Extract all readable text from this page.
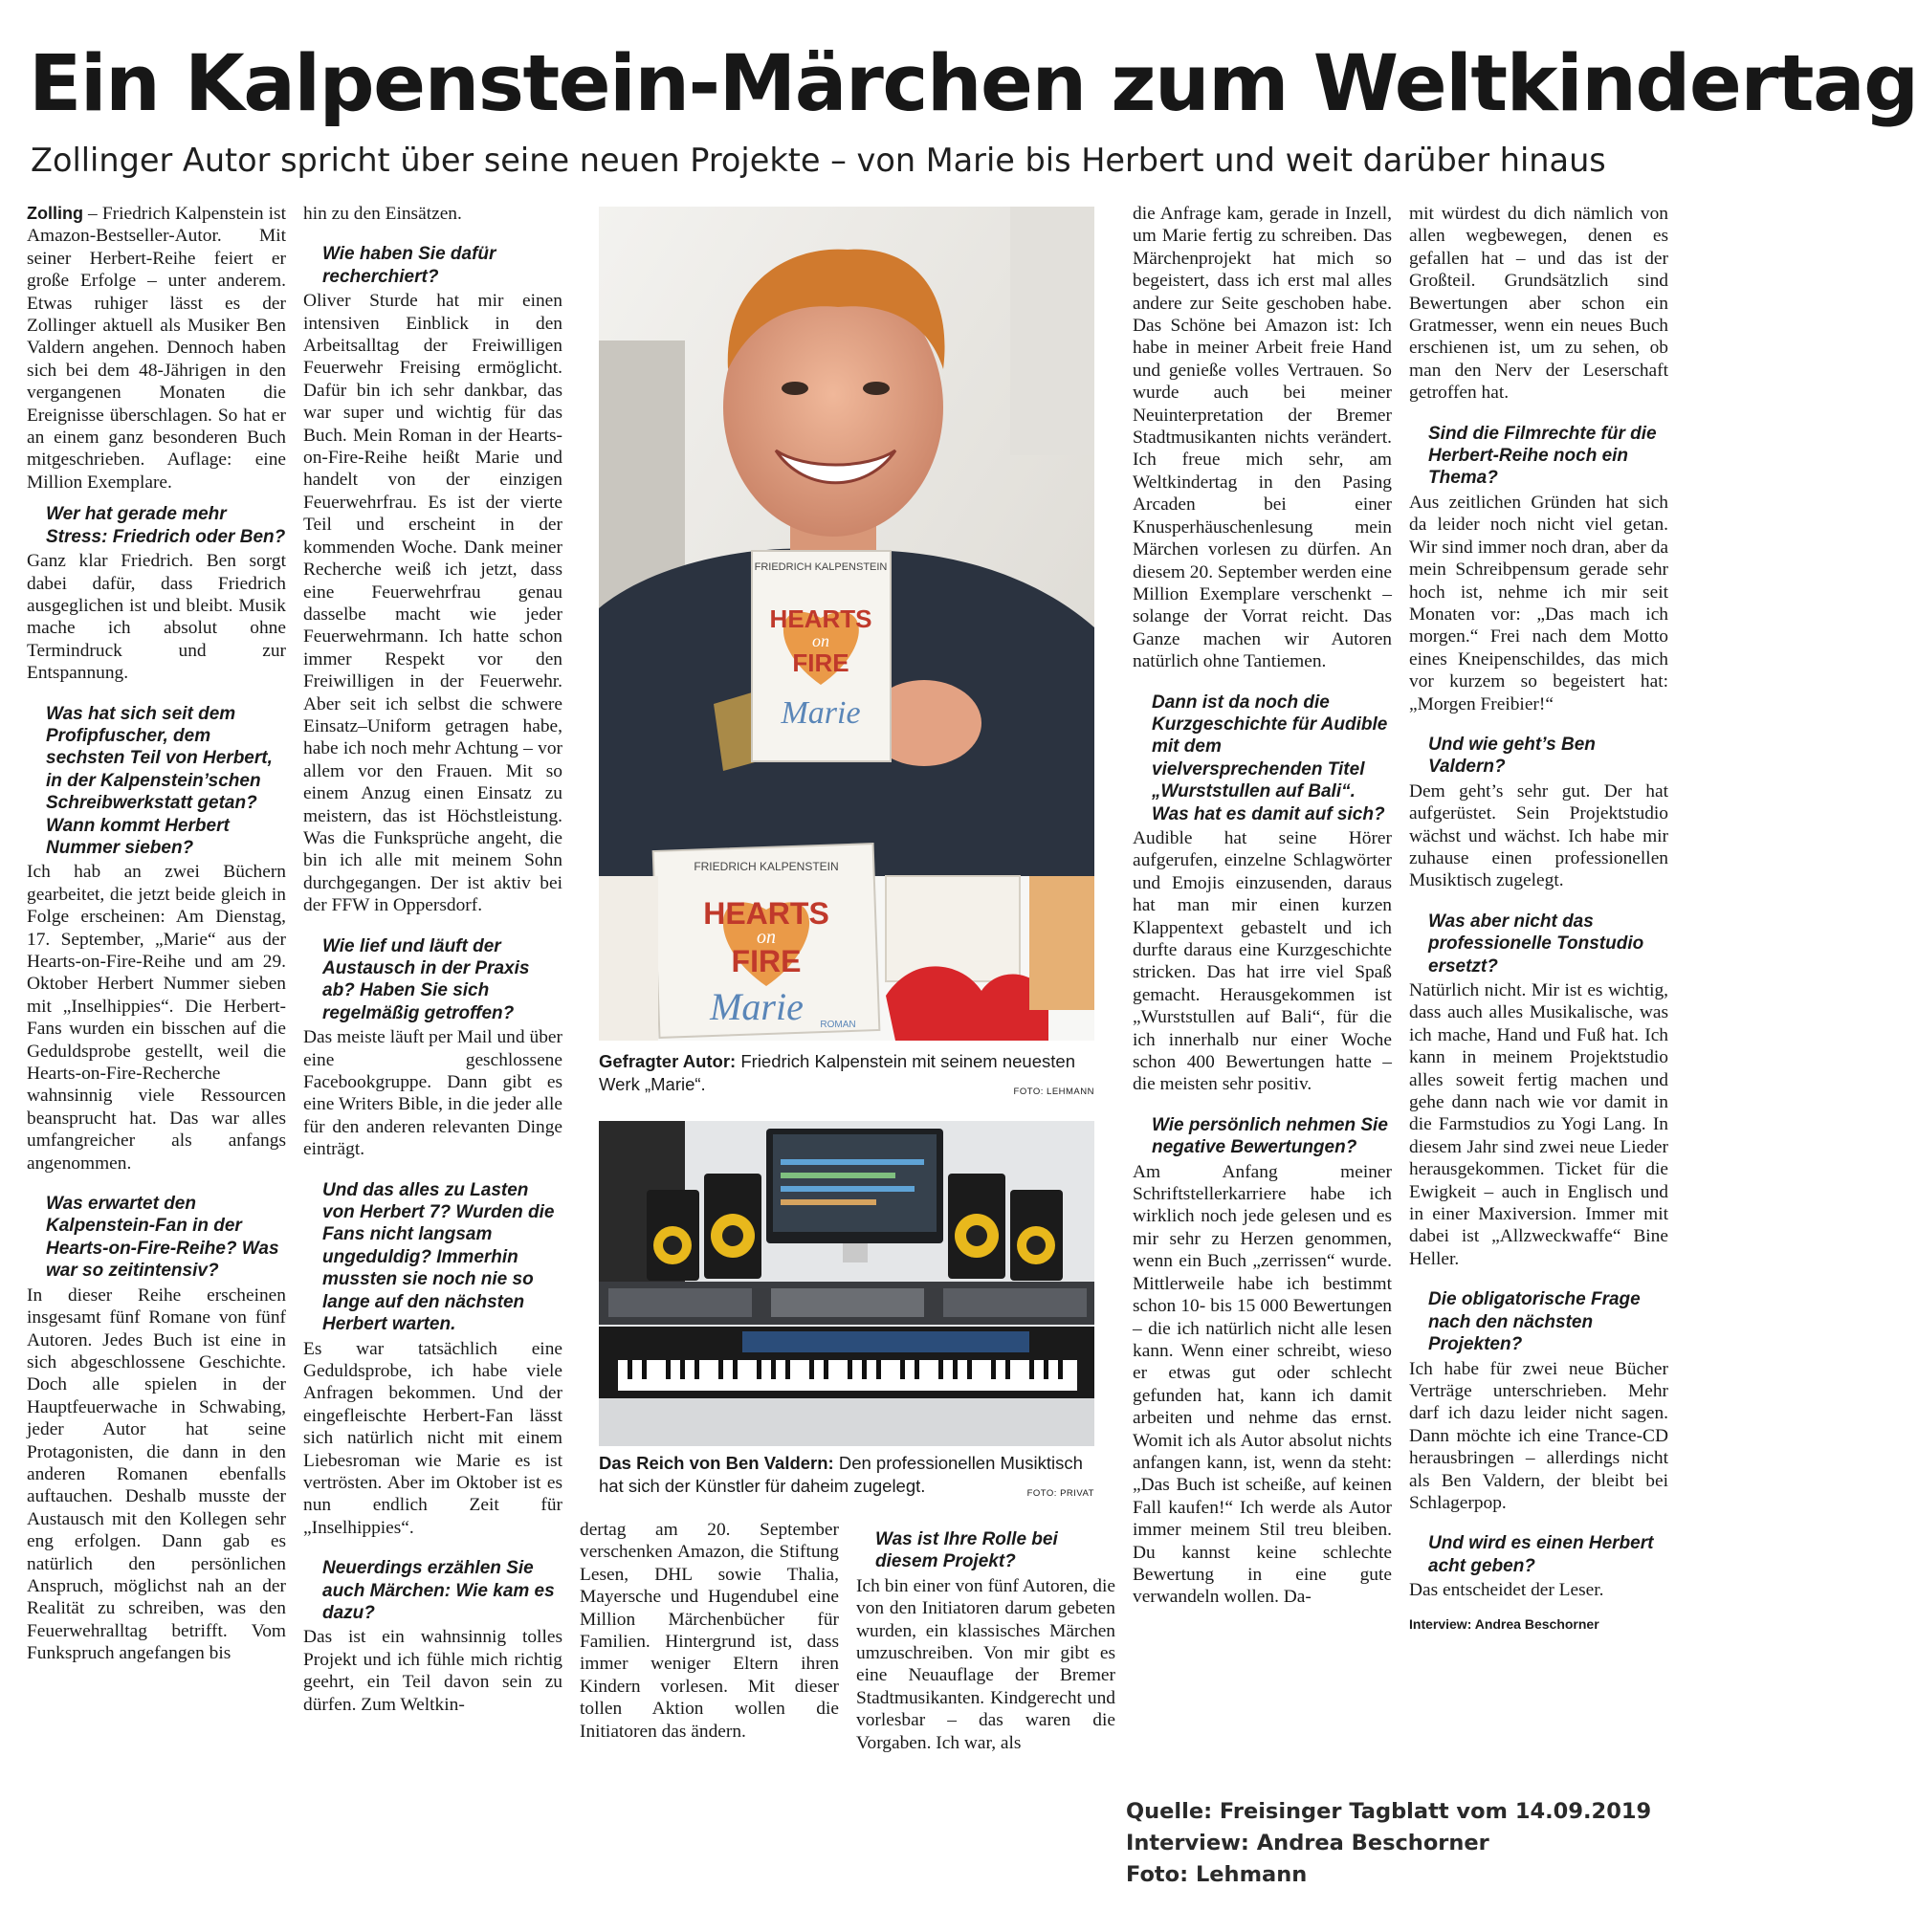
Ein Kalpenstein-Märchen zum Weltkindertag
Zollinger Autor spricht über seine neuen Projekte – von Marie bis Herbert und weit darüber hinaus

Zolling – Friedrich Kalpenstein ist Amazon-Bestseller-Autor. Mit seiner Herbert-Reihe feiert er große Erfolge – unter anderem. Etwas ruhiger lässt es der Zollinger aktuell als Musiker Ben Valdern angehen. Dennoch haben sich bei dem 48-Jährigen in den vergangenen Monaten die Ereignisse überschlagen. So hat er an einem ganz besonderen Buch mitgeschrieben. Auflage: eine Million Exemplare.

Wer hat gerade mehr Stress: Friedrich oder Ben?

Ganz klar Friedrich. Ben sorgt dabei dafür, dass Friedrich ausgeglichen ist und bleibt. Musik mache ich absolut ohne Termindruck und zur Entspannung.

Was hat sich seit dem Profipfuscher, dem sechsten Teil von Herbert, in der Kalpenstein’schen Schreibwerkstatt getan? Wann kommt Herbert Nummer sieben?

Ich hab an zwei Büchern gearbeitet, die jetzt beide gleich in Folge erscheinen: Am Dienstag, 17. September, „Marie“ aus der Hearts-on-Fire-Reihe und am 29. Oktober Herbert Nummer sieben mit „Inselhippies“. Die Herbert-Fans wurden ein bisschen auf die Geduldsprobe gestellt, weil die Hearts-on-Fire-Recherche wahnsinnig viele Ressourcen beansprucht hat. Das war alles umfangreicher als anfangs angenommen.

Was erwartet den Kalpenstein-Fan in der Hearts-on-Fire-Reihe? Was war so zeitintensiv?

In dieser Reihe erscheinen insgesamt fünf Romane von fünf Autoren. Jedes Buch ist eine in sich abgeschlossene Geschichte. Doch alle spielen in der Hauptfeuerwache in Schwabing, jeder Autor hat seine Protagonisten, die dann in den anderen Romanen ebenfalls auftauchen. Deshalb musste der Austausch mit den Kollegen sehr eng erfolgen. Dann gab es natürlich den persönlichen Anspruch, möglichst nah an der Realität zu schreiben, was den Feuerwehralltag betrifft. Vom Funkspruch angefangen bis

hin zu den Einsätzen.

Wie haben Sie dafür recherchiert?

Oliver Sturde hat mir einen intensiven Einblick in den Arbeitsalltag der Freiwilligen Feuerwehr Freising ermöglicht. Dafür bin ich sehr dankbar, das war super und wichtig für das Buch. Mein Roman in der Hearts-on-Fire-Reihe heißt Marie und handelt von der einzigen Feuerwehrfrau. Es ist der vierte Teil und erscheint in der kommenden Woche. Dank meiner Recherche weiß ich jetzt, dass eine Feuerwehrfrau genau dasselbe macht wie jeder Feuerwehrmann. Ich hatte schon immer Respekt vor den Freiwilligen in der Feuerwehr. Aber seit ich selbst die schwere Einsatz–Uniform getragen habe, habe ich noch mehr Achtung – vor allem vor den Frauen. Mit so einem Anzug einen Einsatz zu meistern, das ist Höchstleistung. Was die Funksprüche angeht, die bin ich alle mit meinem Sohn durchgegangen. Der ist aktiv bei der FFW in Oppersdorf.

Wie lief und läuft der Austausch in der Praxis ab? Haben Sie sich regelmäßig getroffen?

Das meiste läuft per Mail und über eine geschlossene Facebookgruppe. Dann gibt es eine Writers Bible, in die jeder alle für den anderen relevanten Dinge einträgt.

Und das alles zu Lasten von Herbert 7? Wurden die Fans nicht langsam ungeduldig? Immerhin mussten sie noch nie so lange auf den nächsten Herbert warten.

Es war tatsächlich eine Geduldsprobe, ich habe viele Anfragen bekommen. Und der eingefleischte Herbert-Fan lässt sich natürlich nicht mit einem Liebesroman wie Marie es ist vertrösten. Aber im Oktober ist es nun endlich Zeit für „Inselhippies“.

Neuerdings erzählen Sie auch Märchen: Wie kam es dazu?

Das ist ein wahnsinnig tolles Projekt und ich fühle mich richtig geehrt, ein Teil davon sein zu dürfen. Zum Weltkin-

FRIEDRICH KALPENSTEIN
HEARTS
on
FIRE
Marie
FRIEDRICH KALPENSTEIN
HEARTS
on
FIRE
Marie ROMAN
Gefragter Autor: Friedrich Kalpenstein mit seinem neuesten Werk „Marie“.	FOTO: LEHMANN
Das Reich von Ben Valdern: Den professionellen Musiktisch hat sich der Künstler für daheim zugelegt.	FOTO: PRIVAT

dertag am 20. September verschenken Amazon, die Stiftung Lesen, DHL sowie Thalia, Mayersche und Hugendubel eine Million Märchenbücher für Familien. Hintergrund ist, dass immer weniger Eltern ihren Kindern vorlesen. Mit dieser tollen Aktion wollen die Initiatoren das ändern.

Was ist Ihre Rolle bei diesem Projekt?

Ich bin einer von fünf Autoren, die von den Initiatoren darum gebeten wurden, ein klassisches Märchen umzuschreiben. Von mir gibt es eine Neuauflage der Bremer Stadtmusikanten. Kindgerecht und vorlesbar – das waren die Vorgaben. Ich war, als

die Anfrage kam, gerade in Inzell, um Marie fertig zu schreiben. Das Märchenprojekt hat mich so begeistert, dass ich erst mal alles andere zur Seite geschoben habe. Das Schöne bei Amazon ist: Ich habe in meiner Arbeit freie Hand und genieße volles Vertrauen. So wurde auch bei meiner Neuinterpretation der Bremer Stadtmusikanten nichts verändert. Ich freue mich sehr, am Weltkindertag in den Pasing Arcaden bei einer Knusperhäuschenlesung mein Märchen vorlesen zu dürfen. An diesem 20. September werden eine Million Exemplare verschenkt – solange der Vorrat reicht. Das Ganze machen wir Autoren natürlich ohne Tantiemen.

Dann ist da noch die Kurzgeschichte für Audible mit dem vielversprechenden Titel „Wurststullen auf Bali“. Was hat es damit auf sich?

Audible hat seine Hörer aufgerufen, einzelne Schlagwörter und Emojis einzusenden, daraus hat man mir einen kurzen Klappentext gebastelt und ich durfte daraus eine Kurzgeschichte stricken. Das hat irre viel Spaß gemacht. Herausgekommen ist „Wurststullen auf Bali“, für die ich innerhalb nur einer Woche schon 400 Bewertungen hatte – die meisten sehr positiv.

Wie persönlich nehmen Sie negative Bewertungen?

Am Anfang meiner Schriftstellerkarriere habe ich wirklich noch jede gelesen und es mir sehr zu Herzen genommen, wenn ein Buch „zerrissen“ wurde. Mittlerweile habe ich bestimmt schon 10- bis 15 000 Bewertungen – die ich natürlich nicht alle lesen kann. Wenn einer schreibt, wieso er etwas gut oder schlecht gefunden hat, kann ich damit arbeiten und nehme das ernst. Womit ich als Autor absolut nichts anfangen kann, ist, wenn da steht: „Das Buch ist scheiße, auf keinen Fall kaufen!“ Ich werde als Autor immer meinem Stil treu bleiben. Du kannst keine schlechte Bewertung in eine gute verwandeln wollen. Da-

mit würdest du dich nämlich von allen wegbewegen, denen es gefallen hat – und das ist der Großteil. Grundsätzlich sind Bewertungen aber schon ein Gratmesser, wenn ein neues Buch erschienen ist, um zu sehen, ob man den Nerv der Leserschaft getroffen hat.

Sind die Filmrechte für die Herbert-Reihe noch ein Thema?

Aus zeitlichen Gründen hat sich da leider noch nicht viel getan. Wir sind immer noch dran, aber da mein Schreibpensum gerade sehr hoch ist, nehme ich mir seit Monaten vor: „Das mach ich morgen.“ Frei nach dem Motto eines Kneipenschildes, das mich vor kurzem so begeistert hat: „Morgen Freibier!“

Und wie geht’s Ben Valdern?

Dem geht’s sehr gut. Der hat aufgerüstet. Sein Projektstudio wächst und wächst. Ich habe mir zuhause einen professionellen Musiktisch zugelegt.

Was aber nicht das professionelle Tonstudio ersetzt?

Natürlich nicht. Mir ist es wichtig, dass auch alles Musikalische, was ich mache, Hand und Fuß hat. Ich kann in meinem Projektstudio alles soweit fertig machen und gehe dann nach wie vor damit in die Farmstudios zu Yogi Lang. In diesem Jahr sind zwei neue Lieder herausgekommen. Ticket für die Ewigkeit – auch in Englisch und in einer Maxiversion. Immer mit dabei ist „Allzweckwaffe“ Bine Heller.

Die obligatorische Frage nach den nächsten Projekten?

Ich habe für zwei neue Bücher Verträge unterschrieben. Mehr darf ich dazu leider nicht sagen. Dann möchte ich eine Trance-CD herausbringen – allerdings nicht als Ben Valdern, der bleibt bei Schlagerpop.

Und wird es einen Herbert acht geben?

Das entscheidet der Leser.

Interview: Andrea Beschorner

Quelle: Freisinger Tagblatt vom 14.09.2019
Interview: Andrea Beschorner
Foto: Lehmann
